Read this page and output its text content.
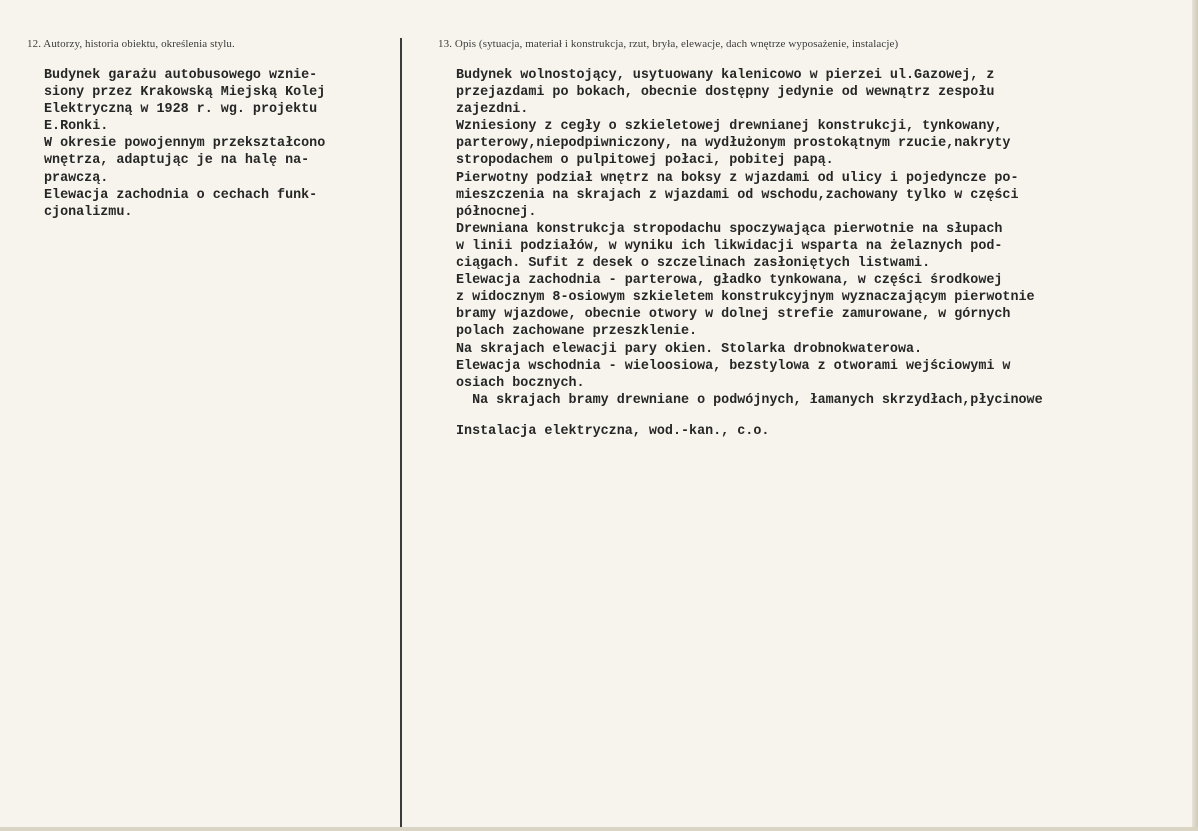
12. Autorzy, historia obiektu, określenia stylu.	13. Opis (sytuacja, materiał i konstrukcja, rzut, bryła, elewacje, dach wnętrze wyposażenie, instalacje)
Budynek garażu autobusowego wznie-
siony przez Krakowską Miejską Kolej
Elektryczną w 1928 r. wg. projektu
E.Ronki.
W okresie powojennym przekształcono
wnętrza, adaptując je na halę na-
prawczą.
Elewacja zachodnia o cechach funk-
cjonalizmu.
Budynek wolnostojący, usytuowany kalenicowo w pierzei ul.Gazowej, z
przejazdami po bokach, obecnie dostępny jedynie od wewnątrz zespołu
zajezdni.
Wzniesiony z cegły o szkieletowej drewnianej konstrukcji, tynkowany,
parterowy,niepodpiwniczony, na wydłużonym prostokątnym rzucie,nakryty
stropodachem o pulpitowej połaci, pobitej papą.
Pierwotny podział wnętrz na boksy z wjazdami od ulicy i pojedyncze po-
mieszczenia na skrajach z wjazdami od wschodu,zachowany tylko w części
północnej.
Drewniana konstrukcja stropodachu spoczywająca pierwotnie na słupach
w linii podziałów, w wyniku ich likwidacji wsparta na żelaznych pod-
ciągach. Sufit z desek o szczelinach zasłoniętych listwami.
Elewacja zachodnia - parterowa, gładko tynkowana, w części środkowej
z widocznym 8-osiowym szkieletem konstrukcyjnym wyznaczającym pierwotnie
bramy wjazdowe, obecnie otwory w dolnej strefie zamurowane, w górnych
polach zachowane przeszklenie.
Na skrajach elewacji pary okien. Stolarka drobnokwaterowa.
Elewacja wschodnia - wieloosiowa, bezstylowa z otworami wejściowymi w
osiach bocznych.
Na skrajach bramy drewniane o podwójnych, łamanych skrzydłach,płycinowe
Instalacja elektryczna, wod.-kan., c.o.
